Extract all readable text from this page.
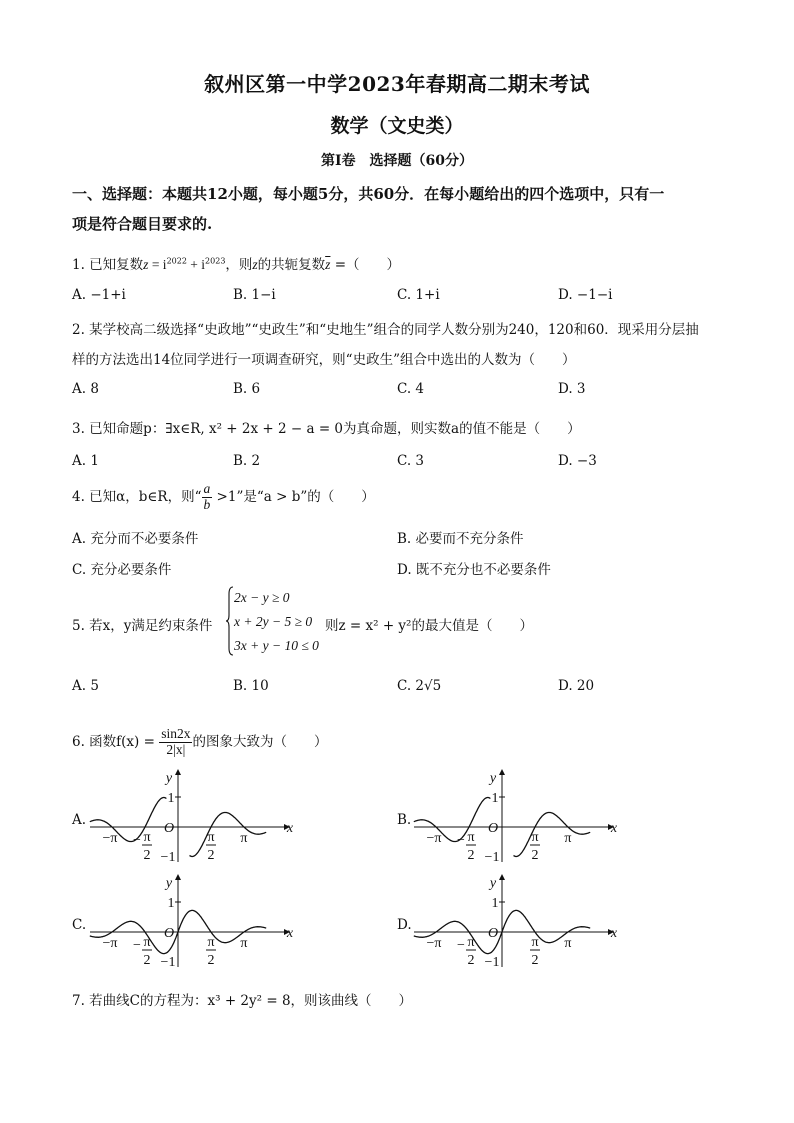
叙州区第一中学2023年春期高二期末考试
数学（文史类）
第Ⅰ卷　选择题（60分）
一、选择题：本题共12小题，每小题5分，共60分．在每小题给出的四个选项中，只有一
项是符合题目要求的.
1. 已知复数$z = i^{2022} + i^{2023}$，则z的共轭复数$\overline{z}$ =（　　）
A. −1+i	B. 1−i	C. 1+i	D. −1−i
2. 某学校高二级选择“史政地”“史政生”和“史地生”组合的同学人数分别为240，120和60．现采用分层抽
样的方法选出14位同学进行一项调查研究，则“史政生”组合中选出的人数为（　　）
A. 8	B. 6	C. 4	D. 3
3. 已知命题p：∃x∈R, x² + 2x + 2 − a = 0为真命题，则实数a的值不能是（　　）
A. 1	B. 2	C. 3	D. −3
4. 已知α，b∈R，则“ $\frac{a}{b} >1$”是“a > b”的（　　）
A. 充分而不必要条件	B. 必要而不充分条件
C. 充分必要条件	D. 既不充分也不必要条件
5. 若x，y满足约束条件
2x − y ≥ 0
x + 2y − 5 ≥ 0
3x + y − 10 ≤ 0
则z = x² + y²的最大值是（　　）
A. 5	B. 10	C. 2√5	D. 20
6. 函数$f(x) = \frac{\sin 2x}{2|x|}$ 的图象大致为（　　）
A.	B.
C.	D.
y
x
O
1
−1
−π	π
− π
2
π
2
y
x
O
1
−1
−π	π
− π
2
π
2
y
x
O
1
−1
−π	π
− π
2
π
2
y
x
O
1
−1
−π	π
− π
2
π
2
7. 若曲线C的方程为：x³ + 2y² = 8，则该曲线（　　）
